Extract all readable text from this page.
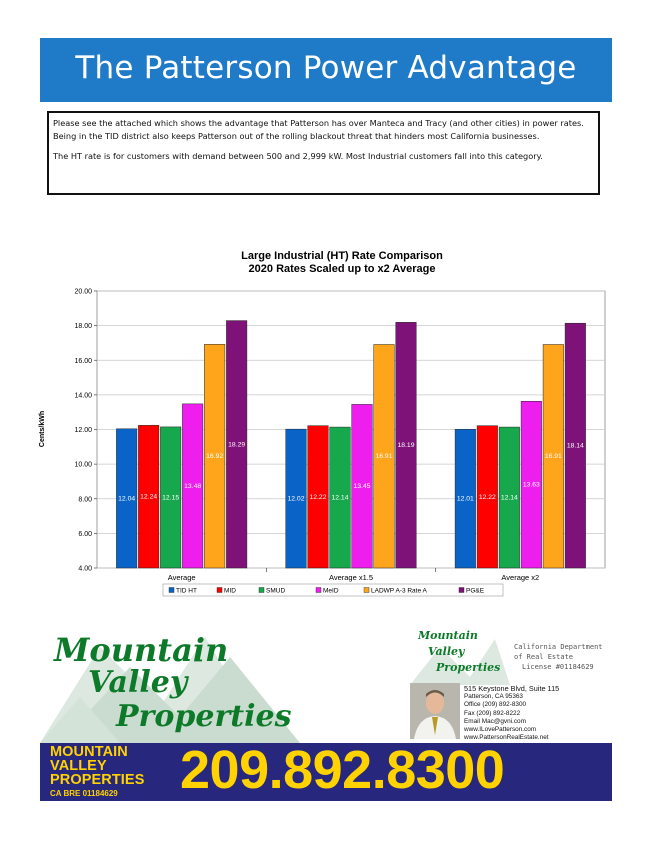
The Patterson Power Advantage

Please see the attached which shows the advantage that Patterson has over Manteca and Tracy (and other cities) in power rates. Being in the TID district also keeps Patterson out of the rolling blackout threat that hinders most California businesses.

The HT rate is for customers with demand between 500 and 2,999 kW. Most Industrial customers fall into this category.

Large Industrial (HT) Rate Comparison
2020 Rates Scaled up to x2 Average
Cents/kWh
4.00
6.00
8.00
10.00
12.00
14.00
16.00
18.00
20.00
12.04 12.24 12.15
13.48
16.92
18.29
Average
12.02 12.22 12.14
13.45
16.91
18.19
Average x1.5
12.01 12.22 12.14
13.63
16.91
18.14
Average x2
TID HT	MID	SMUD	MeID	LADWP A-3 Rate A	PG&E
Mountain
Valley
Properties
Mountain
Valley
Properties
California Department of Real Estate
License #01184629
515 Keystone Blvd, Suite 115
Patterson, CA 95363
Office (209) 892-8300
Fax (209) 892-8222
Email Mac@gvni.com
www.ILovePatterson.com
www.PattersonRealEstate.net
MOUNTAIN
VALLEY
PROPERTIES
CA BRE 01184629	209.892.8300
